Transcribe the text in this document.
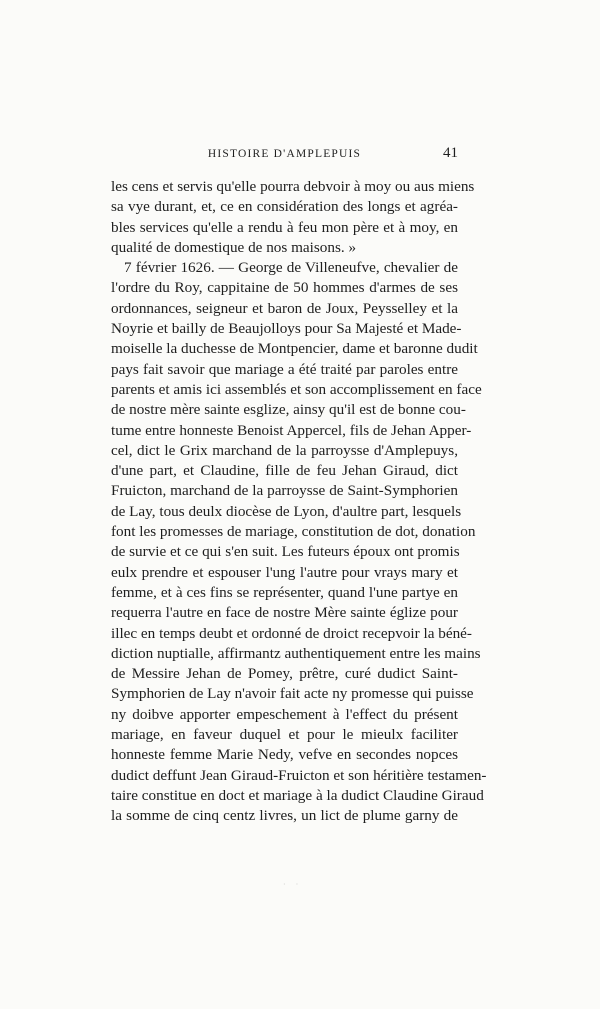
HISTOIRE D'AMPLEPUIS	41
les cens et servis qu'elle pourra debvoir à moy ou aus miens
sa vye durant, et, ce en considération des longs et agréa-
bles services qu'elle a rendu à feu mon père et à moy, en
qualité de domestique de nos maisons. »
7 février 1626. — George de Villeneufve, chevalier de
l'ordre du Roy, cappitaine de 50 hommes d'armes de ses
ordonnances, seigneur et baron de Joux, Peysselley et la
Noyrie et bailly de Beaujolloys pour Sa Majesté et Made-
moiselle la duchesse de Montpencier, dame et baronne dudit
pays fait savoir que mariage a été traité par paroles entre
parents et amis ici assemblés et son accomplissement en face
de nostre mère sainte esglize, ainsy qu'il est de bonne cou-
tume entre honneste Benoist Appercel, fils de Jehan Apper-
cel, dict le Grix marchand de la parroysse d'Amplepuys,
d'une part, et Claudine, fille de feu Jehan Giraud, dict
Fruicton, marchand de la parroysse de Saint-Symphorien
de Lay, tous deulx diocèse de Lyon, d'aultre part, lesquels
font les promesses de mariage, constitution de dot, donation
de survie et ce qui s'en suit. Les futeurs époux ont promis
eulx prendre et espouser l'ung l'autre pour vrays mary et
femme, et à ces fins se représenter, quand l'une partye en
requerra l'autre en face de nostre Mère sainte églize pour
illec en temps deubt et ordonné de droict recepvoir la béné-
diction nuptialle, affirmantz authentiquement entre les mains
de Messire Jehan de Pomey, prêtre, curé dudict Saint-
Symphorien de Lay n'avoir fait acte ny promesse qui puisse
ny doibve apporter empeschement à l'effect du présent
mariage, en faveur duquel et pour le mieulx faciliter
honneste femme Marie Nedy, vefve en secondes nopces
dudict deffunt Jean Giraud-Fruicton et son héritière testamen-
taire constitue en doct et mariage à la dudict Claudine Giraud
la somme de cinq centz livres, un lict de plume garny de
· ·
